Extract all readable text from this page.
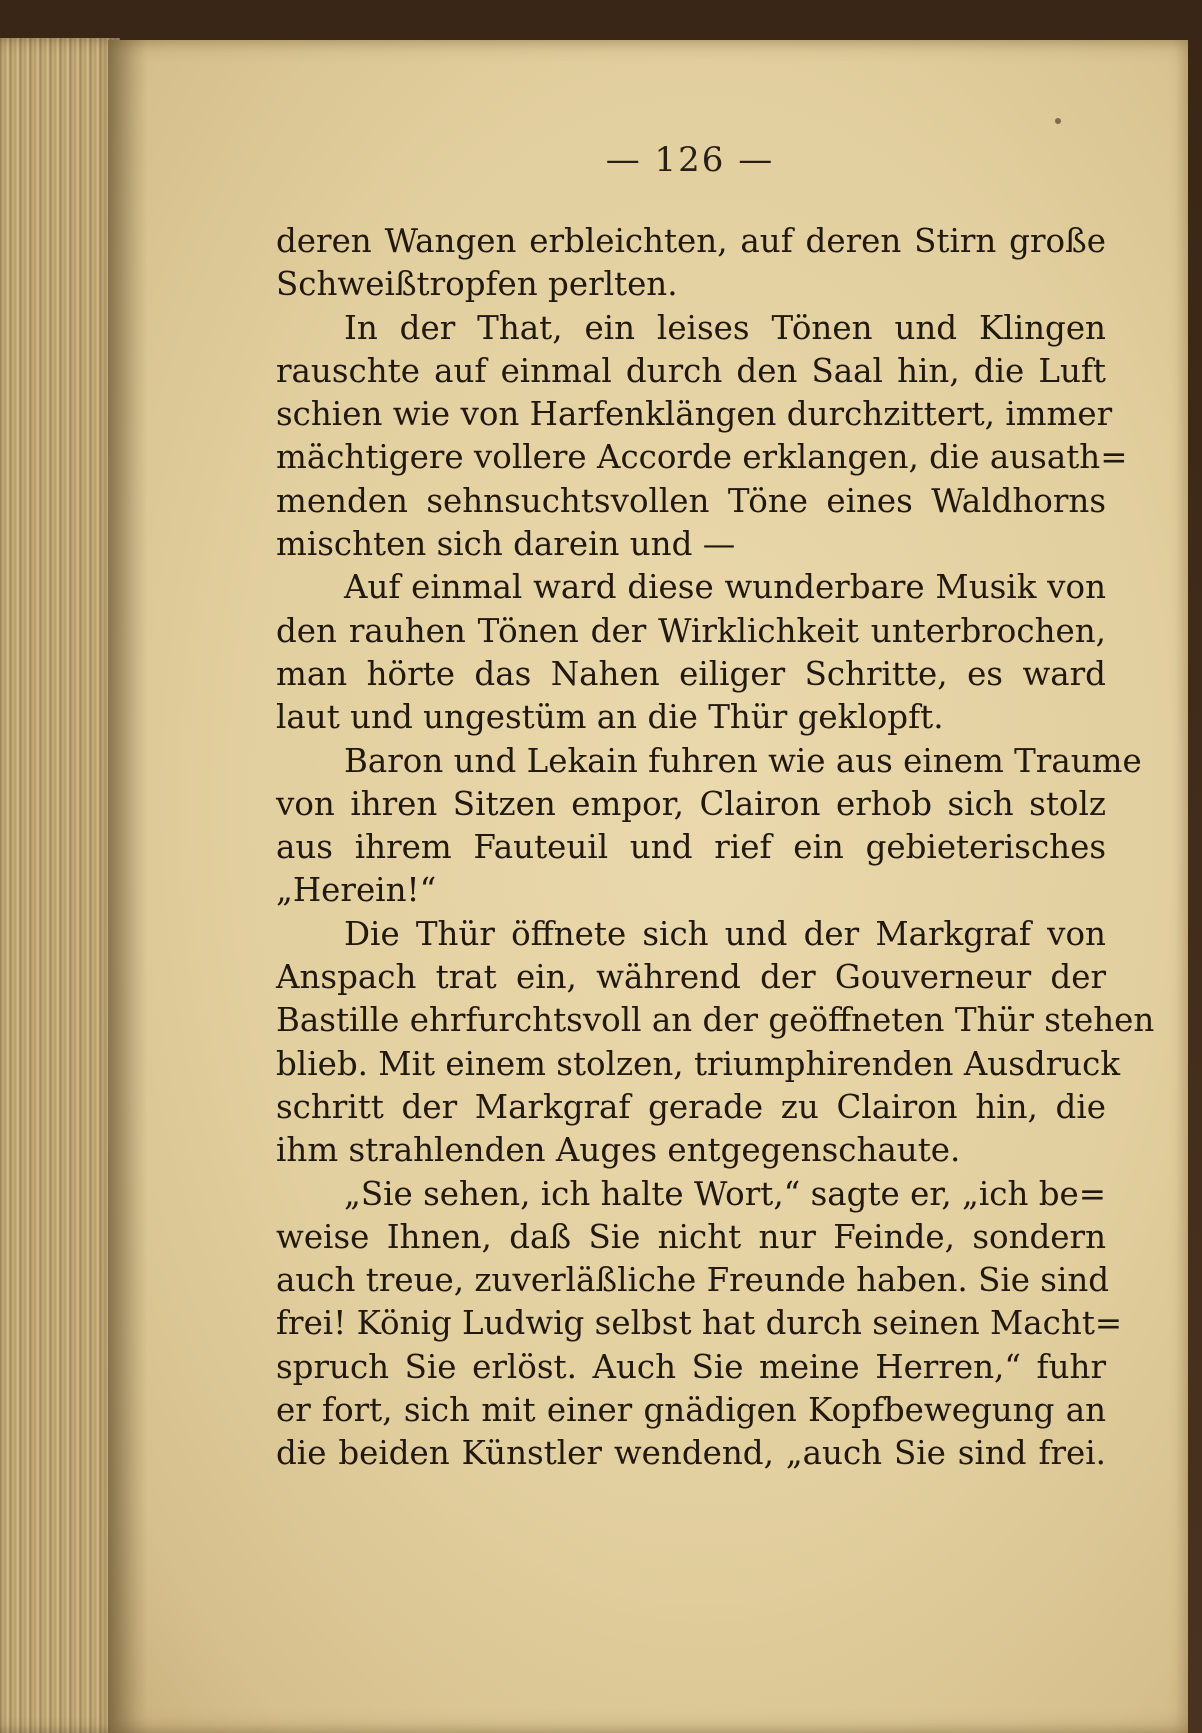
— 126 —
deren Wangen erbleichten, auf deren Stirn große
Schweißtropfen perlten.
In der That, ein leises Tönen und Klingen
rauschte auf einmal durch den Saal hin, die Luft
schien wie von Harfenklängen durchzittert, immer
mächtigere vollere Accorde erklangen, die ausath=
menden sehnsuchtsvollen Töne eines Waldhorns
mischten sich darein und —
Auf einmal ward diese wunderbare Musik von
den rauhen Tönen der Wirklichkeit unterbrochen,
man hörte das Nahen eiliger Schritte, es ward
laut und ungestüm an die Thür geklopft.
Baron und Lekain fuhren wie aus einem Traume
von ihren Sitzen empor, Clairon erhob sich stolz
aus ihrem Fauteuil und rief ein gebieterisches
„Herein!“
Die Thür öffnete sich und der Markgraf von
Anspach trat ein, während der Gouverneur der
Bastille ehrfurchtsvoll an der geöffneten Thür stehen
blieb. Mit einem stolzen, triumphirenden Ausdruck
schritt der Markgraf gerade zu Clairon hin, die
ihm strahlenden Auges entgegenschaute.
„Sie sehen, ich halte Wort,“ sagte er, „ich be=
weise Ihnen, daß Sie nicht nur Feinde, sondern
auch treue, zuverläßliche Freunde haben. Sie sind
frei! König Ludwig selbst hat durch seinen Macht=
spruch Sie erlöst. Auch Sie meine Herren,“ fuhr
er fort, sich mit einer gnädigen Kopfbewegung an
die beiden Künstler wendend, „auch Sie sind frei.
